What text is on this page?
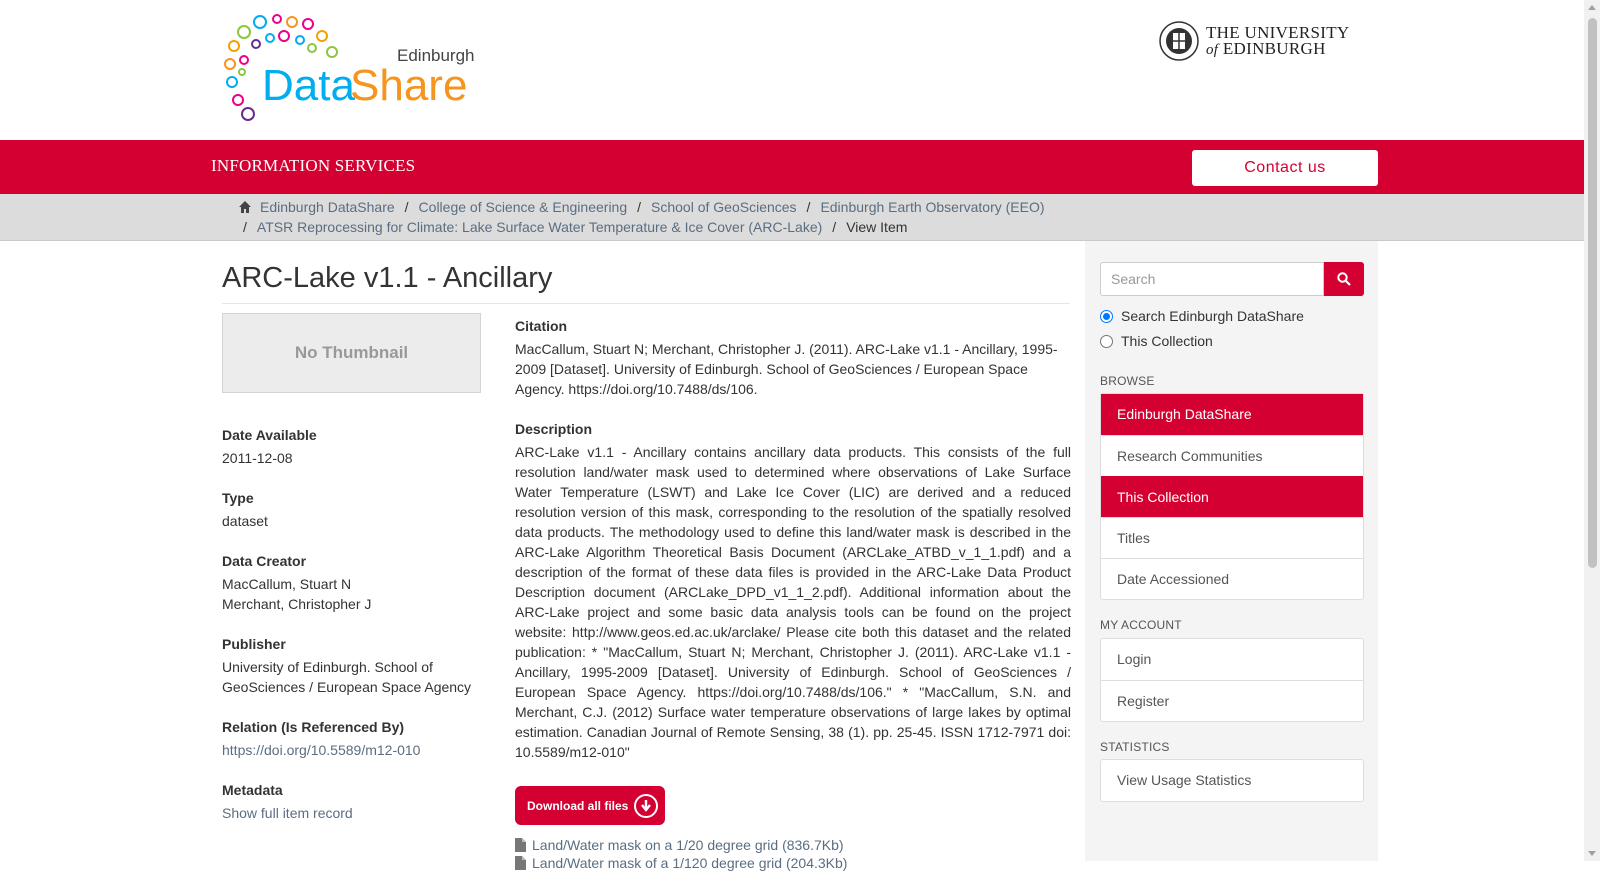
Data
Share
Edinburgh
THE UNIVERSITY
of EDINBURGH
INFORMATION SERVICES	Contact us
Edinburgh DataShare / College of Science & Engineering / School of GeoSciences / Edinburgh Earth Observatory (EEO)
/ ATSR Reprocessing for Climate: Lake Surface Water Temperature & Ice Cover (ARC-Lake) / View Item
ARC-Lake v1.1 - Ancillary
No Thumbnail
Date Available
2011-12-08
Type
dataset
Data Creator
MacCallum, Stuart N
Merchant, Christopher J
Publisher
University of Edinburgh. School of GeoSciences / European Space Agency
Relation (Is Referenced By)
https://doi.org/10.5589/m12-010
Metadata
Show full item record
Citation

MacCallum, Stuart N; Merchant, Christopher J. (2011). ARC-Lake v1.1 - Ancillary, 1995-2009 [Dataset]. University of Edinburgh. School of GeoSciences / European Space Agency. https://doi.org/10.7488/ds/106.

Description

ARC-Lake v1.1 - Ancillary contains ancillary data products. This consists of the full resolution land/water mask used to determined where observations of Lake Surface Water Temperature (LSWT) and Lake Ice Cover (LIC) are derived and a reduced resolution version of this mask, corresponding to the resolution of the spatially resolved data products. The methodology used to define this land/water mask is described in the ARC-Lake Algorithm Theoretical Basis Document (ARCLake_ATBD_v_1_1.pdf) and a description of the format of these data files is provided in the ARC-Lake Data Product Description document (ARCLake_DPD_v1_1_2.pdf). Additional information about the ARC-Lake project and some basic data analysis tools can be found on the project website: http://www.geos.ed.ac.uk/arclake/ Please cite both this dataset and the related publication: * "MacCallum, Stuart N; Merchant, Christopher J. (2011). ARC-Lake v1.1 - Ancillary, 1995-2009 [Dataset]. University of Edinburgh. School of GeoSciences / European Space Agency. https://doi.org/10.7488/ds/106." * "MacCallum, S.N. and Merchant, C.J. (2012) Surface water temperature observations of large lakes by optimal estimation. Canadian Journal of Remote Sensing, 38 (1). pp. 25-45. ISSN 1712-7971 doi: 10.5589/m12-010"

Download all files
Land/Water mask on a 1/20 degree grid (836.7Kb)
Land/Water mask of a 1/120 degree grid (204.3Kb)
Search
Search Edinburgh DataShare
This Collection
BROWSE
Edinburgh DataShare
Research Communities
This Collection
Titles
Date Accessioned
MY ACCOUNT
Login
Register
STATISTICS
View Usage Statistics
